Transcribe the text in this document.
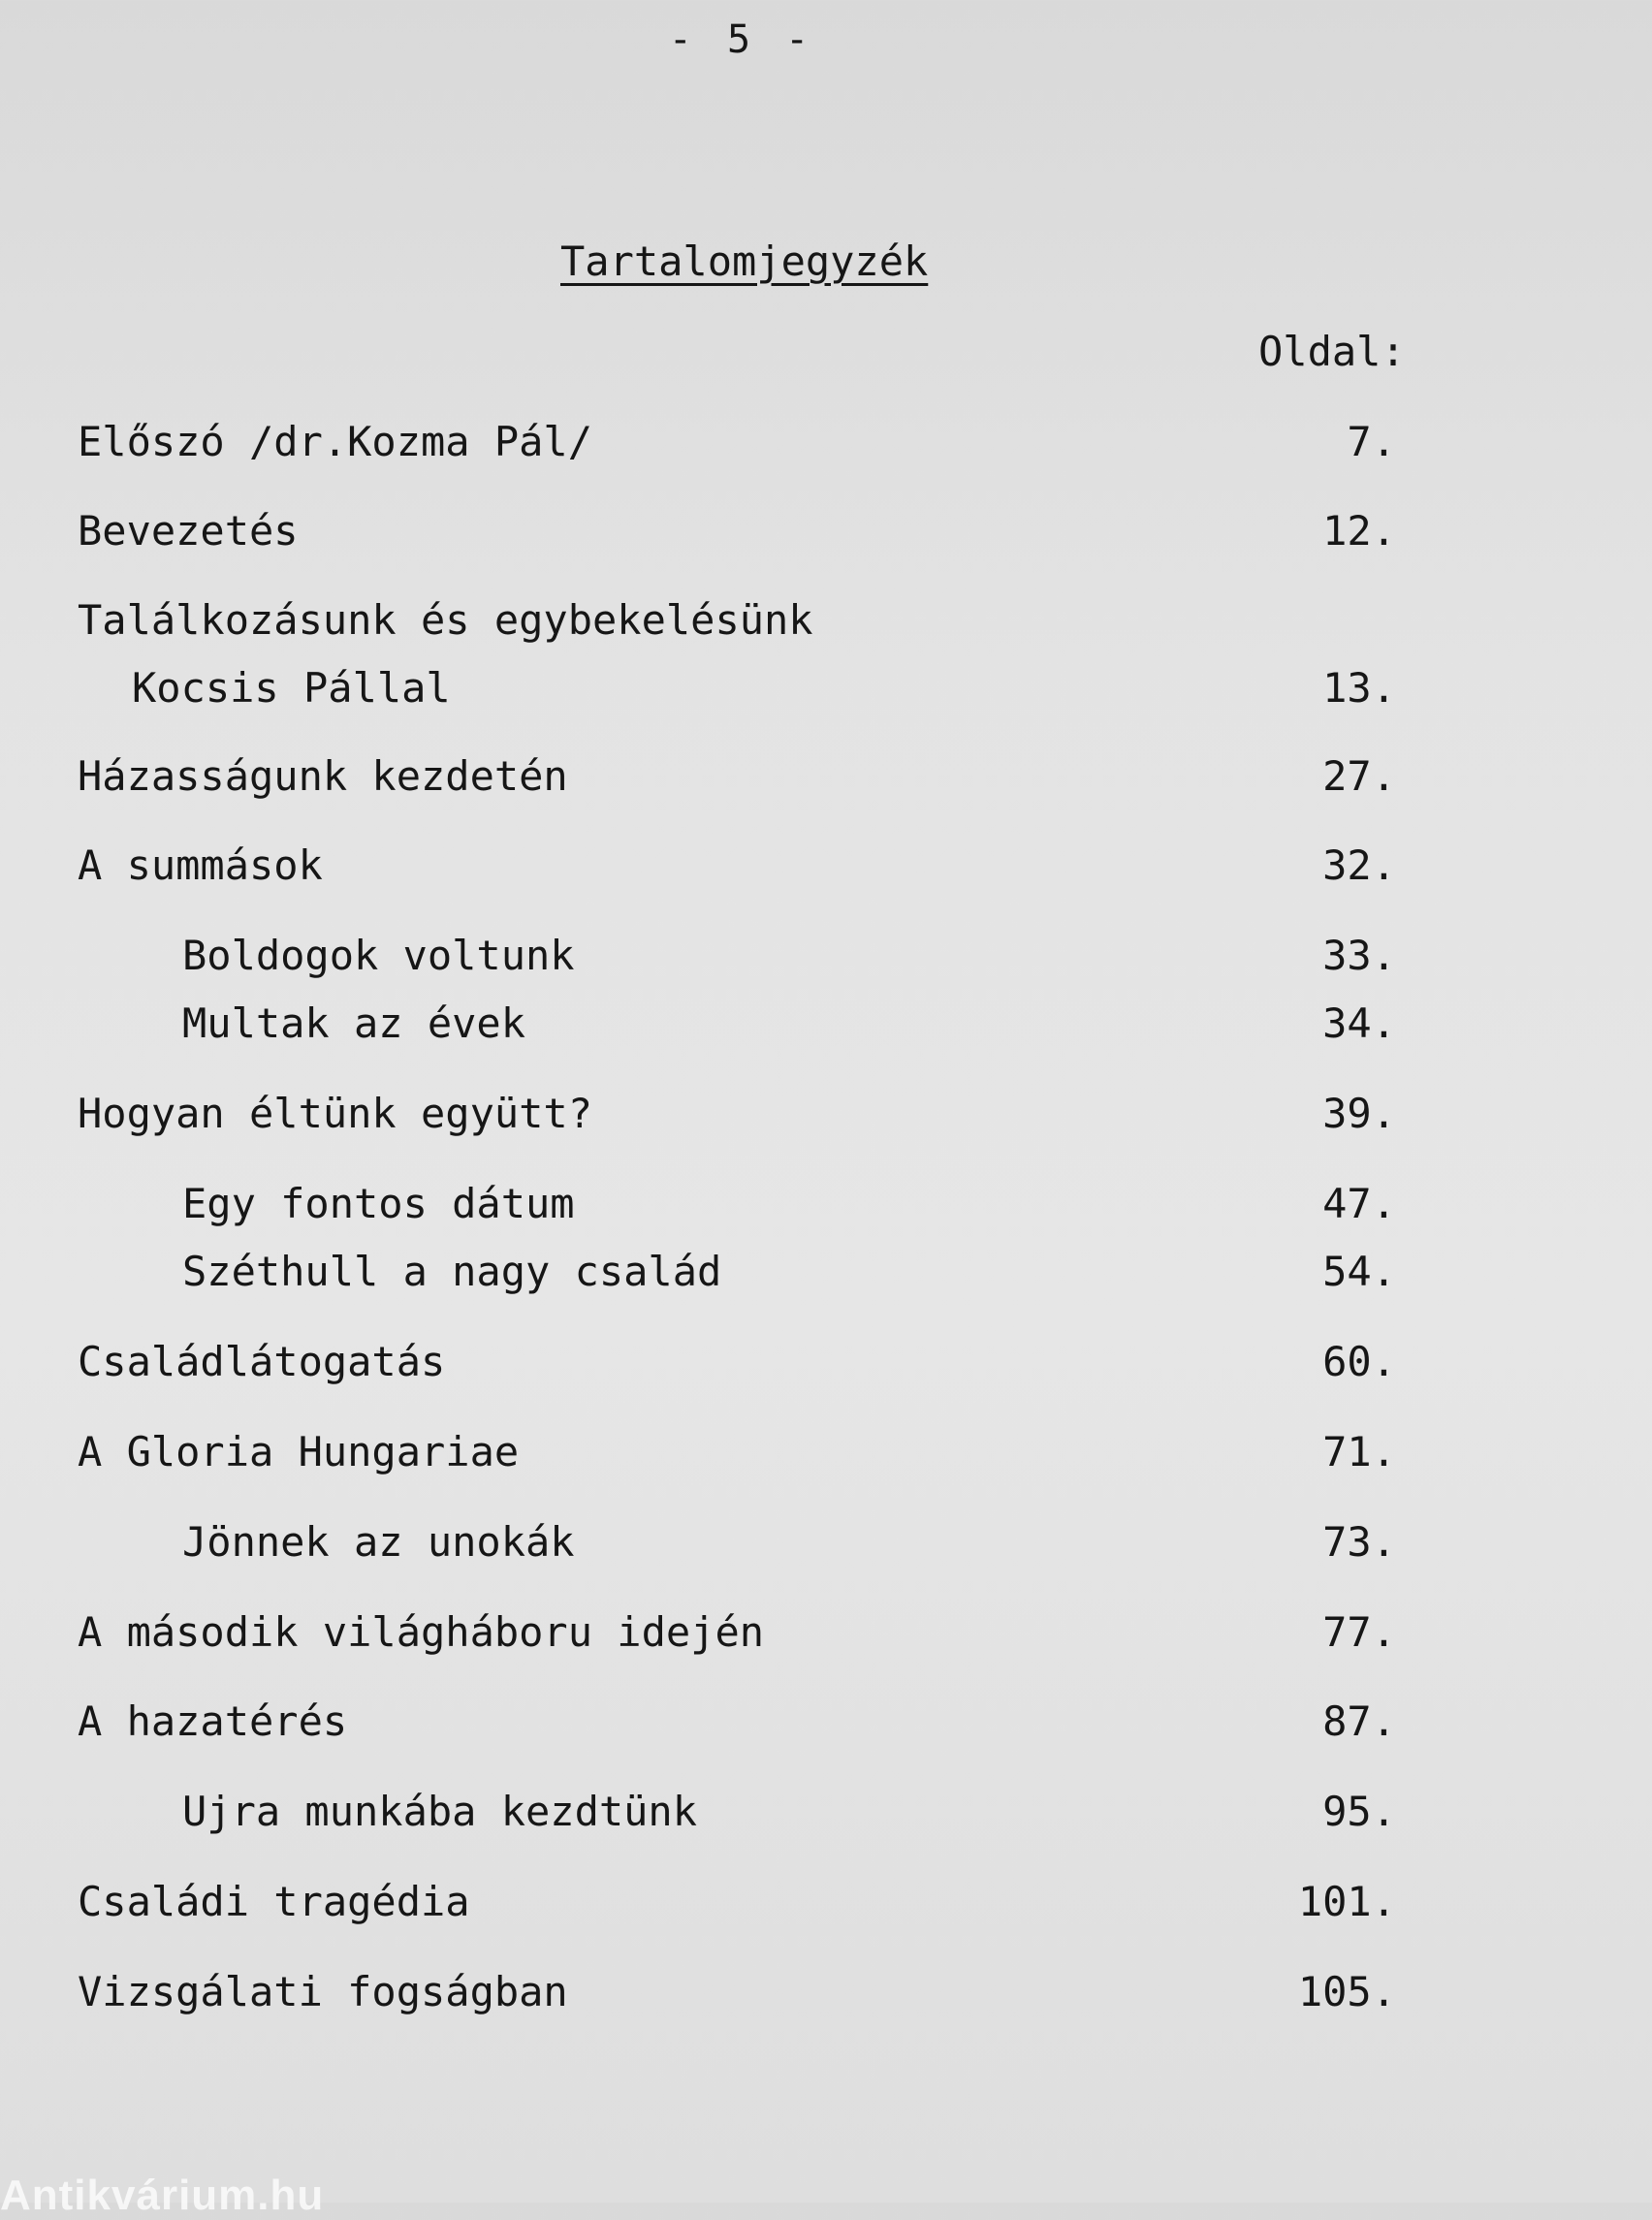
- 5 -
Tartalomjegyzék
Oldal:
Előszó /dr.Kozma Pál/	7.
Bevezetés	12.
Találkozásunk és egybekelésünk
Kocsis Pállal	13.
Házasságunk kezdetén	27.
A summások	32.
Boldogok voltunk	33.
Multak az évek	34.
Hogyan éltünk együtt?	39.
Egy fontos dátum	47.
Széthull a nagy család	54.
Családlátogatás	60.
A Gloria Hungariae	71.
Jönnek az unokák	73.
A második világháboru idején	77.
A hazatérés	87.
Ujra munkába kezdtünk	95.
Családi tragédia	101.
Vizsgálati fogságban	105.
Antikvárium.hu
